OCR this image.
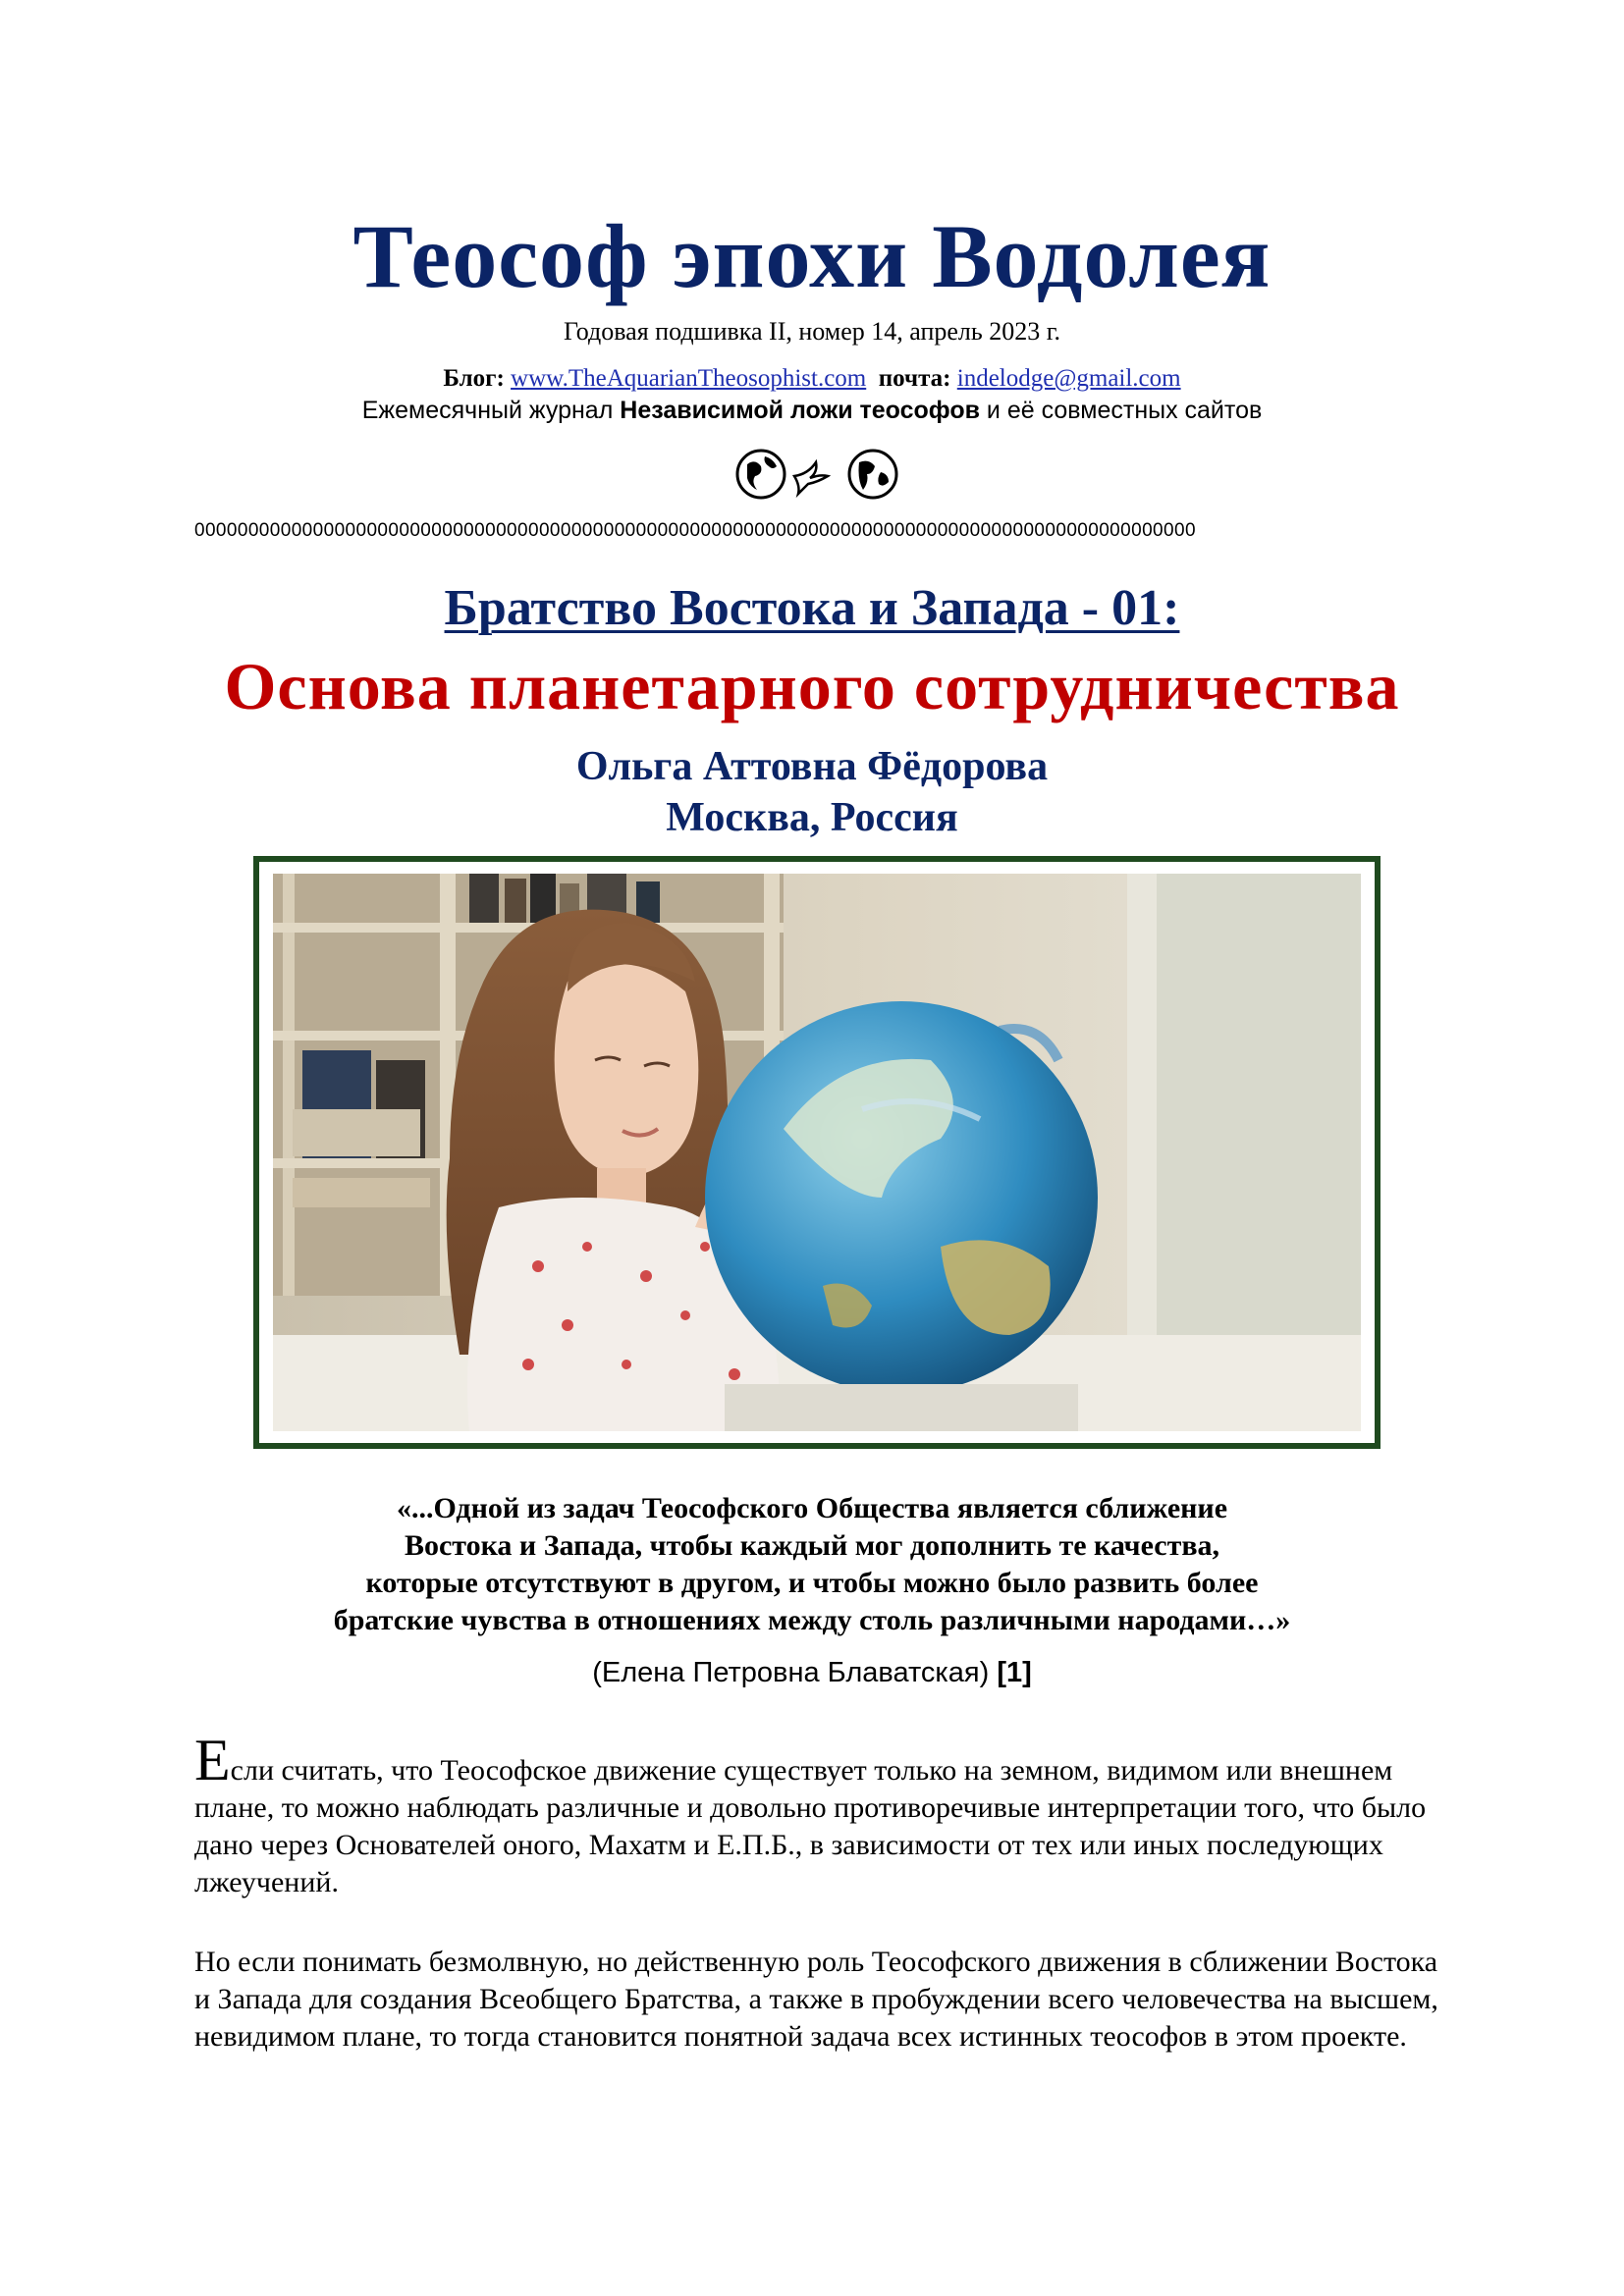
Теософ эпохи Водолея
Годовая подшивка II, номер 14, апрель 2023 г.
Блог: www.TheAquarianTheosophist.com почта: indelodge@gmail.com
Ежемесячный журнал Независимой ложи теософов и её совместных сайтов
000000000000000000000000000000000000000000000000000000000000000000000000000000000000000000000
Братство Востока и Запада - 01:
Основа планетарного сотрудничества
Ольга Аттовна Фёдорова
Москва, Россия
«...Одной из задач Теософского Общества является сближение
Востока и Запада, чтобы каждый мог дополнить те качества,
которые отсутствуют в другом, и чтобы можно было развить более
братские чувства в отношениях между столь различными народами…»
(Елена Петровна Блаватская) [1]
Если считать, что Теософское движение существует только на земном, видимом или внешнем плане, то можно наблюдать различные и довольно противоречивые интерпретации того, что было дано через Основателей оного, Махатм и Е.П.Б., в зависимости от тех или иных последующих лжеучений.
Но если понимать безмолвную, но действенную роль Теософского движения в сближении Востока и Запада для создания Всеобщего Братства, а также в пробуждении всего человечества на высшем, невидимом плане, то тогда становится понятной задача всех истинных теософов в этом проекте.
